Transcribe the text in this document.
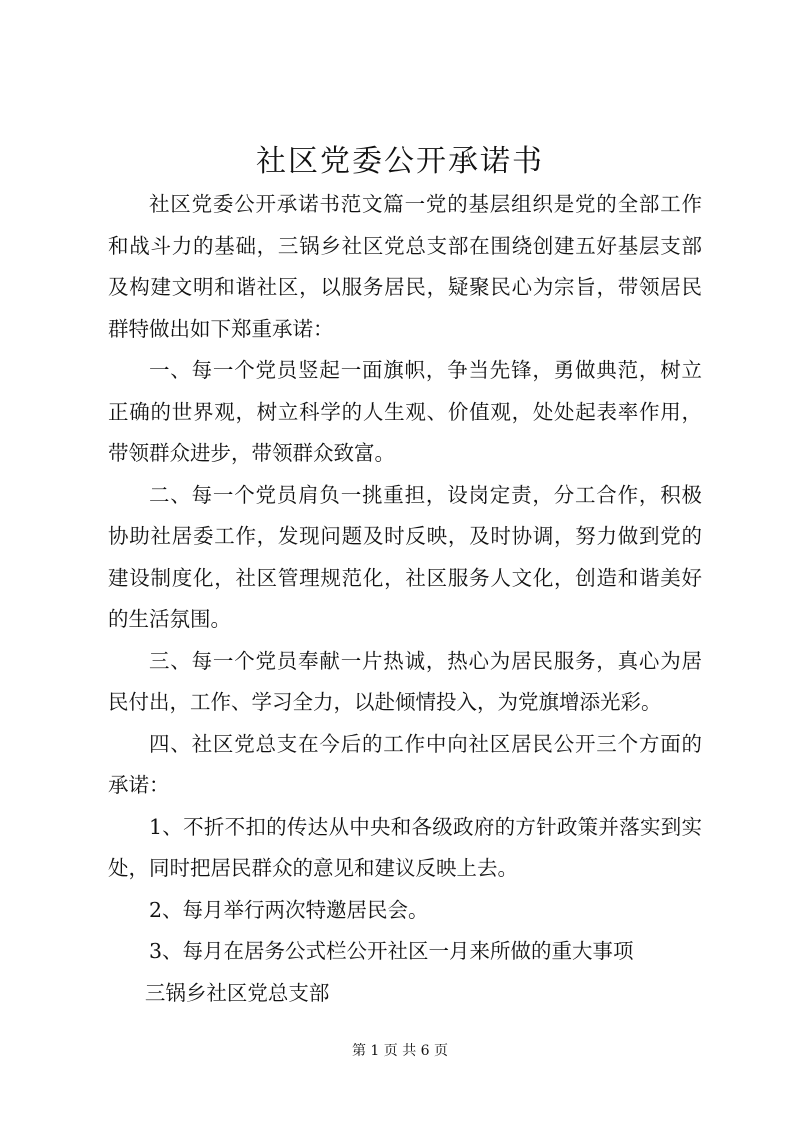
社区党委公开承诺书

社区党委公开承诺书范文篇一党的基层组织是党的全部工作和战斗力的基础，三锅乡社区党总支部在围绕创建五好基层支部及构建文明和谐社区，以服务居民，疑聚民心为宗旨，带领居民群特做出如下郑重承诺：

一、每一个党员竖起一面旗帜，争当先锋，勇做典范，树立正确的世界观，树立科学的人生观、价值观，处处起表率作用，带领群众进步，带领群众致富。

二、每一个党员肩负一挑重担，设岗定责，分工合作，积极协助社居委工作，发现问题及时反映，及时协调，努力做到党的建设制度化，社区管理规范化，社区服务人文化，创造和谐美好的生活氛围。

三、每一个党员奉献一片热诚，热心为居民服务，真心为居民付出，工作、学习全力，以赴倾情投入，为党旗增添光彩。

四、社区党总支在今后的工作中向社区居民公开三个方面的承诺：

1、不折不扣的传达从中央和各级政府的方针政策并落实到实处，同时把居民群众的意见和建议反映上去。

2、每月举行两次特邀居民会。

3、每月在居务公式栏公开社区一月来所做的重大事项

三锅乡社区党总支部

第 1 页 共 6 页
